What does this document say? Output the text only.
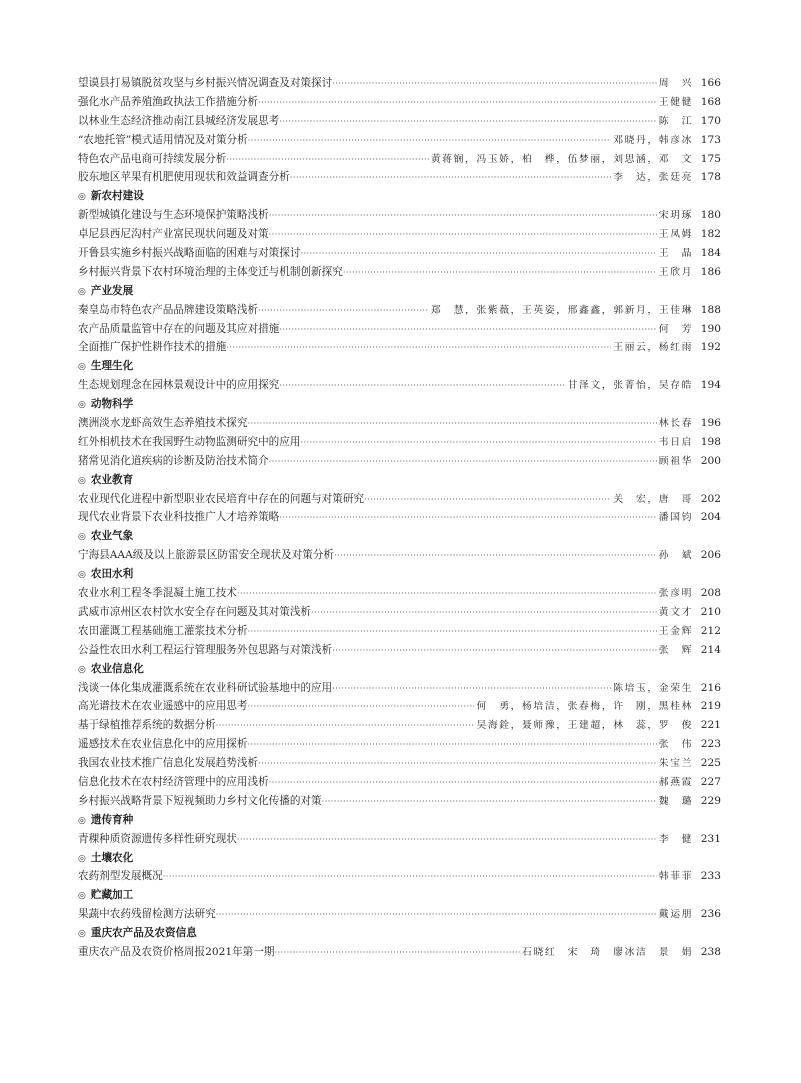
望谟县打易镇脱贫攻坚与乡村振兴情况调查及对策探讨 ·····	周　兴 166
强化水产品养殖渔政执法工作措施分析 ·····	王健健 168
以林业生态经济推动南江县城经济发展思考 ·····	陈　江 170
“农地托管”模式适用情况及对策分析 ·····	邓晓丹，韩彦冰 173
特色农产品电商可持续发展分析 ·····	黄蒋锎，冯玉娇，柏　桦，伍梦丽，刘思涵，邓　文 175
胶东地区苹果有机肥使用现状和效益调查分析 ·····	李　达，张廷亮 178
◎ 新农村建设
新型城镇化建设与生态环境保护策略浅析 ·····	宋玥琢 180
卓尼县西尼沟村产业富民现状问题及对策 ·····	王凤姆 182
开鲁县实施乡村振兴战略面临的困难与对策探讨 ·····	王　晶 184
乡村振兴背景下农村环境治理的主体变迁与机制创新探究 ·····	王欣月 186
◎ 产业发展
秦皇岛市特色农产品品牌建设策略浅析 ·····	郑　慧，张紫薇，王英姿，邢鑫鑫，郭新月，王佳琳 188
农产品质量监管中存在的问题及其应对措施 ·····	何　芳 190
全面推广保护性耕作技术的措施 ·····	王丽云，杨红雨 192
◎ 生理生化
生态规划理念在园林景观设计中的应用探究 ·····	甘泽文，张菁怡，吴存皓 194
◎ 动物科学
澳洲淡水龙虾高效生态养殖技术探究 ·····	林长春 196
红外相机技术在我国野生动物监测研究中的应用 ·····	韦日启 198
猪常见消化道疾病的诊断及防治技术简介 ·····	顾祖华 200
◎ 农业教育
农业现代化进程中新型职业农民培育中存在的问题与对策研究 ·····	关　宏，唐　哥 202
现代农业背景下农业科技推广人才培养策略 ·····	潘国钧 204
◎ 农业气象
宁海县AAA级及以上旅游景区防雷安全现状及对策分析 ·····	孙　斌 206
◎ 农田水利
农业水利工程冬季混凝土施工技术 ·····	张彦明 208
武威市凉州区农村饮水安全存在问题及其对策浅析 ·····	黄文才 210
农田灌溉工程基础施工灌浆技术分析 ·····	王金辉 212
公益性农田水利工程运行管理服务外包思路与对策浅析 ·····	张　辉 214
◎ 农业信息化
浅谈一体化集成灌溉系统在农业科研试验基地中的应用 ·····	陈培玉，金荣生 216
高光谱技术在农业遥感中的应用思考 ·····	何　勇，杨培洁，张春梅，许　刚，黑桂林 219
基于绿植推荐系统的数据分析 ·····	吴海銓，聂师豫，王建超，林　蕊，罗　俊 221
遥感技术在农业信息化中的应用探析 ·····	张　伟 223
我国农业技术推广信息化发展趋势浅析 ·····	朱宝兰 225
信息化技术在农村经济管理中的应用浅析 ·····	郝燕霞 227
乡村振兴战略背景下短视频助力乡村文化传播的对策 ·····	魏　璐 229
◎ 遗传育种
青稞种质资源遗传多样性研究现状 ·····	李　健 231
◎ 土壤农化
农药剂型发展概况 ·····	韩菲菲 233
◎ 贮藏加工
果蔬中农药残留检测方法研究 ·····	戴运朋 236
◎ 重庆农产品及农资信息
重庆农产品及农资价格周报2021年第一期 ·····	石晓红　宋　琦　廖冰洁　景　娟 238
